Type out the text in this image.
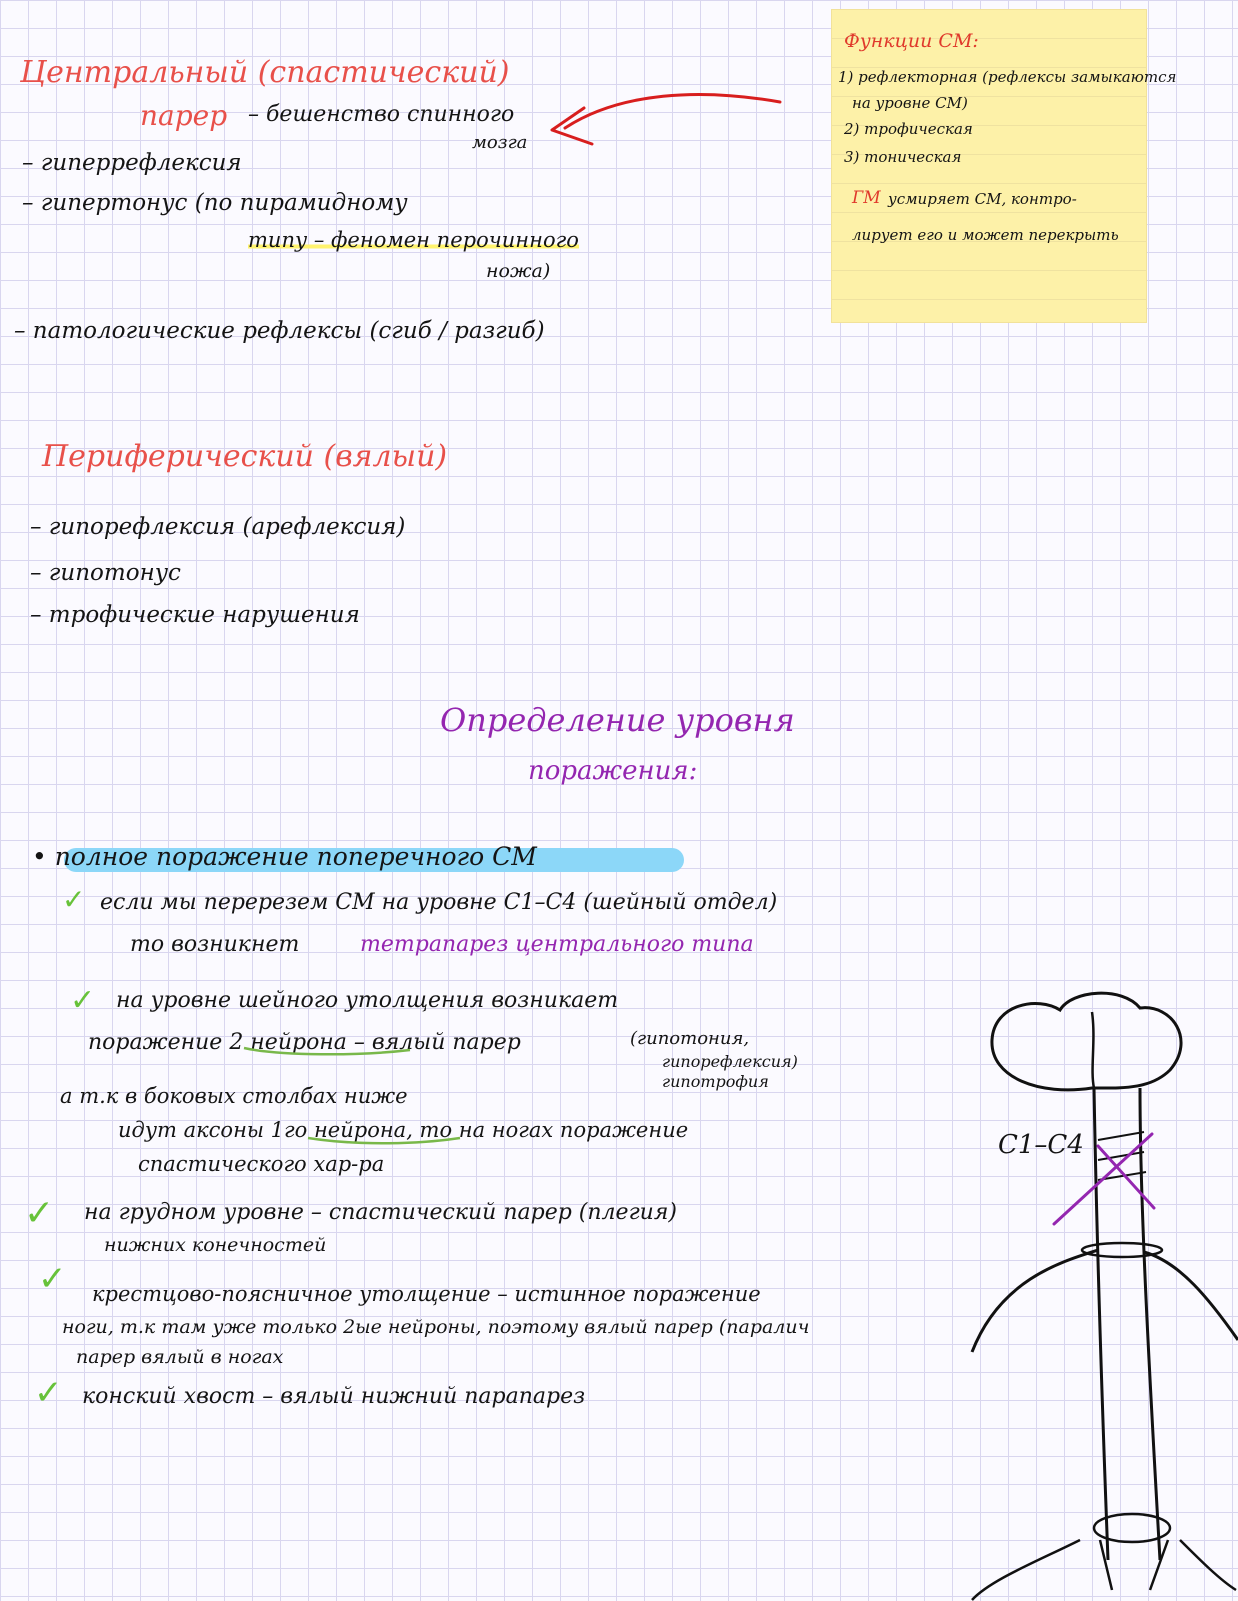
Функции СМ:
1) рефлекторная (рефлексы замыкаются
на уровне СМ)
2) трофическая
3) тоническая
ГМ усмиряет СМ, контро-
лирует его и может перекрыть
Центральный (спастический)
пареp – бешенство спинного
мозга
– гиперрефлексия
– гипертонус (по пирамидному
типу – феномен перочинного
ножа)
– патологические рефлексы (сгиб / разгиб)
Периферический (вялый)
– гипорефлексия (арефлексия)
– гипотонус
– трофические нарушения
Определение уровня
поражения:
• полное поражение поперечного СМ
✓ если мы перерезем СМ на уровне С1–С4 (шейный отдел)
то возникнет	тетрапарез центрального типа
✓ на уровне шейного утолщения возникает
поражение 2 нейрона – вялый пареp	(гипотония,
гипорефлексия)
гипотрофия
а т.к в боковых столбах ниже
идут аксоны 1го нейрона, то на ногах поражение
спастического хар-ра
✓ на грудном уровне – спастический пареp (плегия)
нижних конечностей
✓ крестцово-поясничное утолщение – истинное поражение
ноги, т.к там уже только 2ые нейроны, поэтому вялый пареp (паралич
пареp вялый в ногах
✓ конский хвост – вялый нижний парапарез
С1–С4
